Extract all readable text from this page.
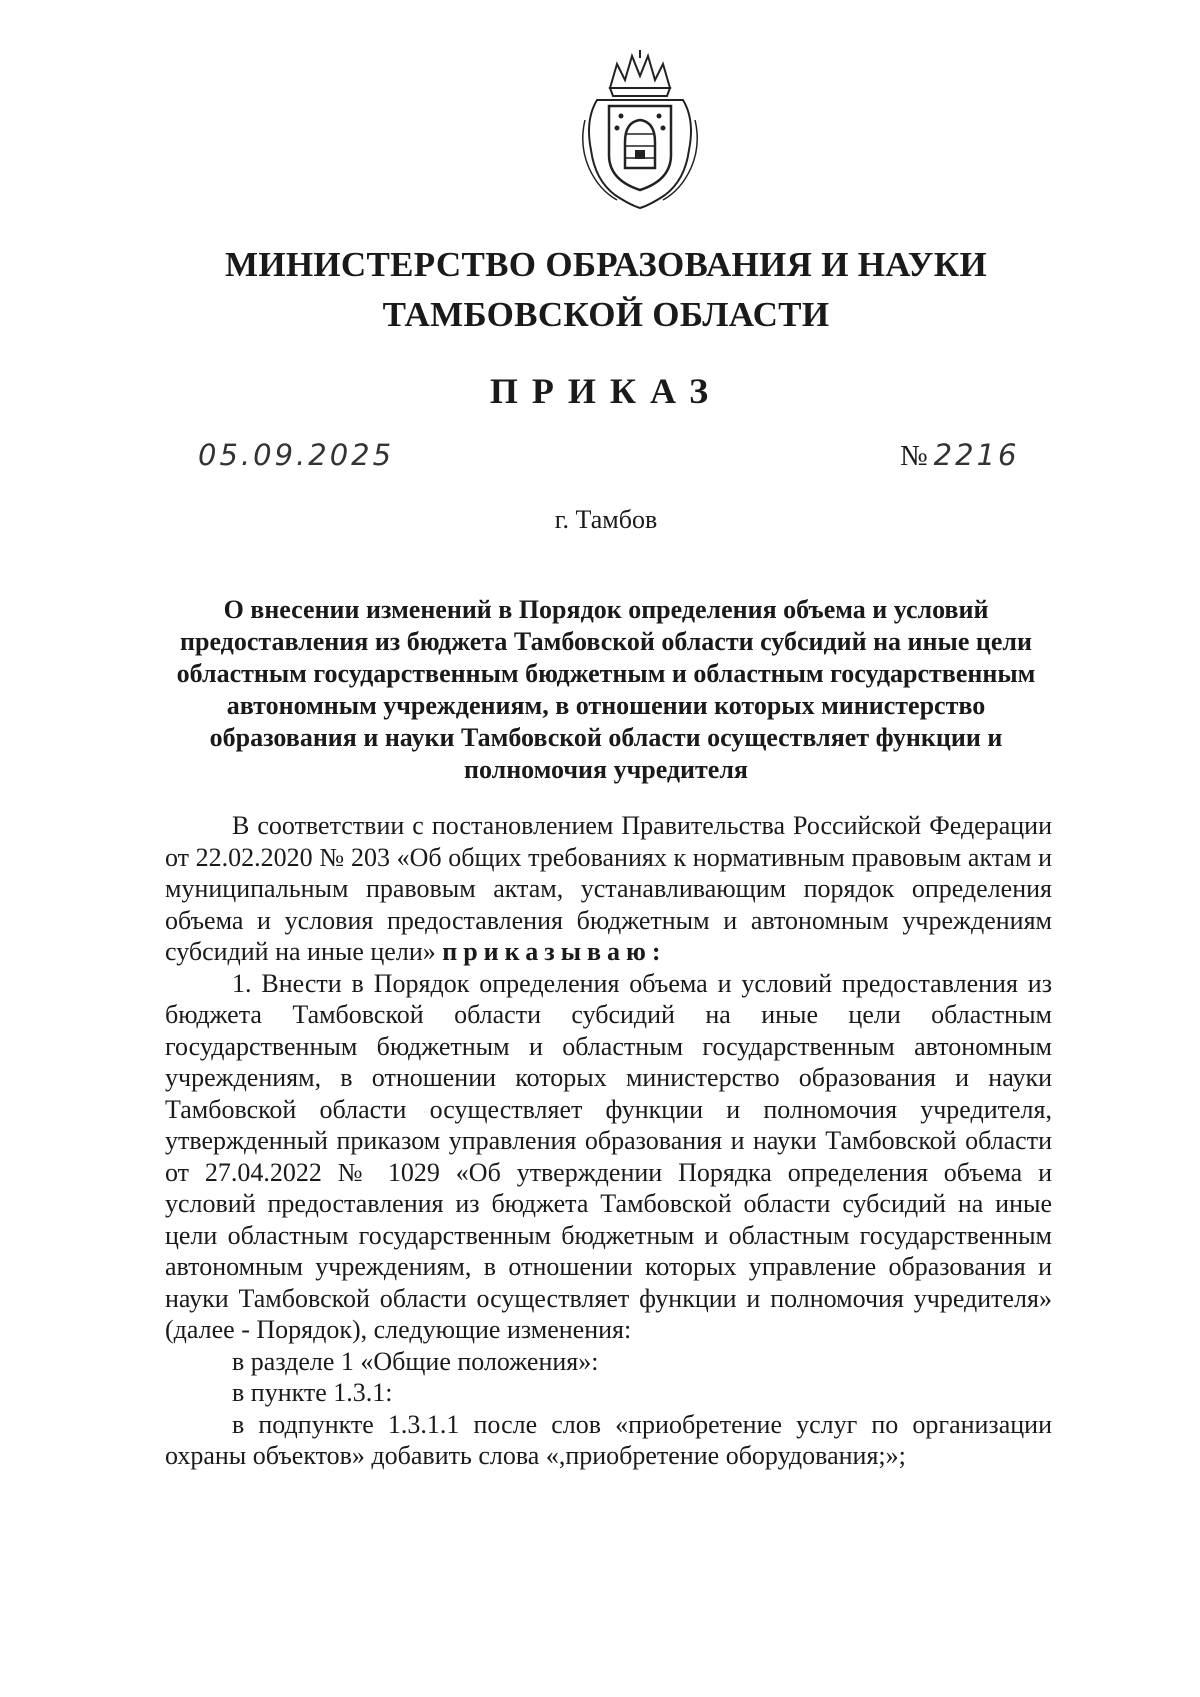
МИНИСТЕРСТВО ОБРАЗОВАНИЯ И НАУКИ
ТАМБОВСКОЙ ОБЛАСТИ
ПРИКАЗ
05.09.2025	№ 2216
г. Тамбов
О внесении изменений в Порядок определения объема и условий
предоставления из бюджета Тамбовской области субсидий на иные цели
областным государственным бюджетным и областным государственным
автономным учреждениям, в отношении которых министерство
образования и науки Тамбовской области осуществляет функции и
полномочия учредителя

В соответствии с постановлением Правительства Российской Федерации от 22.02.2020 № 203 «Об общих требованиях к нормативным правовым актам и муниципальным правовым актам, устанавливающим порядок определения объема и условия предоставления бюджетным и автономным учреждениям субсидий на иные цели» приказываю:

1. Внести в Порядок определения объема и условий предоставления из бюджета Тамбовской области субсидий на иные цели областным государственным бюджетным и областным государственным автономным учреждениям, в отношении которых министерство образования и науки Тамбовской области осуществляет функции и полномочия учредителя, утвержденный приказом управления образования и науки Тамбовской области от 27.04.2022 № 1029 «Об утверждении Порядка определения объема и условий предоставления из бюджета Тамбовской области субсидий на иные цели областным государственным бюджетным и областным государственным автономным учреждениям, в отношении которых управление образования и науки Тамбовской области осуществляет функции и полномочия учредителя» (далее - Порядок), следующие изменения:

в разделе 1 «Общие положения»:

в пункте 1.3.1:

в подпункте 1.3.1.1 после слов «приобретение услуг по организации охраны объектов» добавить слова «,приобретение оборудования;»;
